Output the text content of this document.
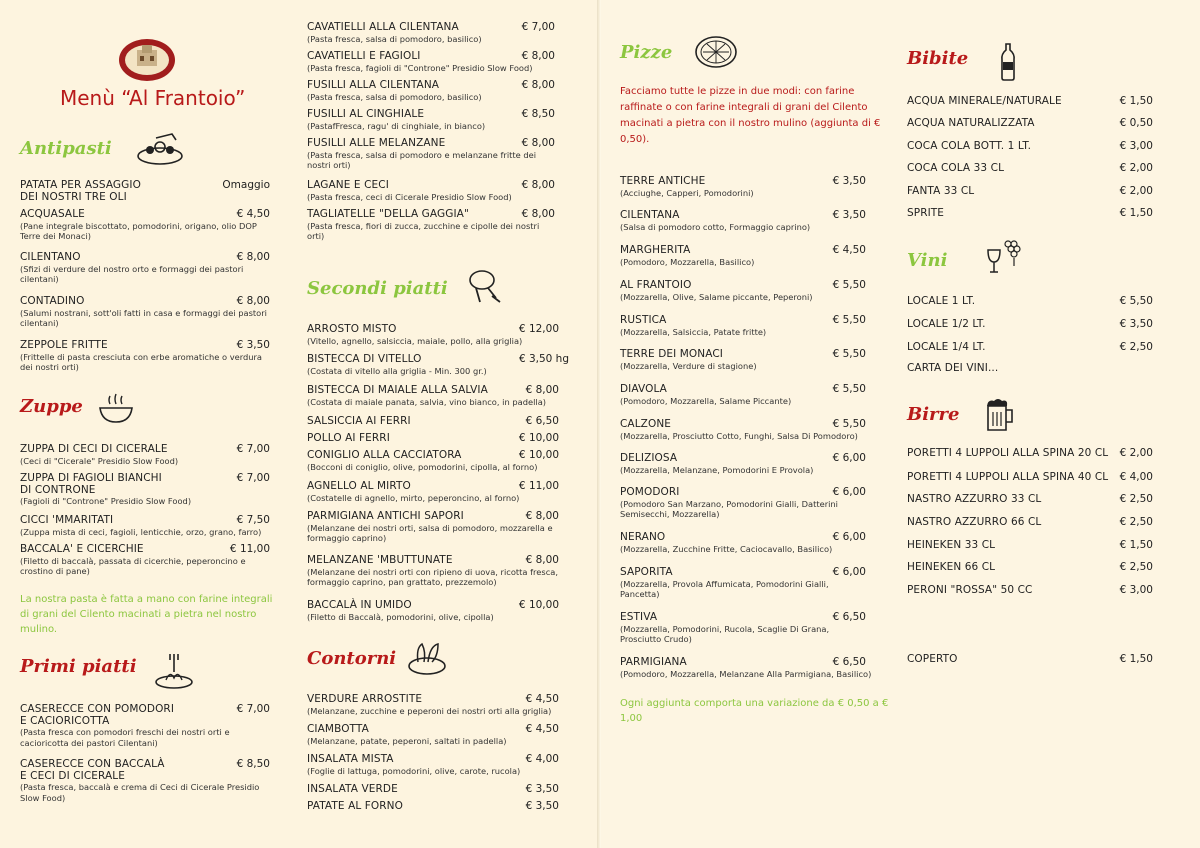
Menù “Al Frantoio”
Antipasti
PATATA PER ASSAGGIO
DEI NOSTRI TRE OLI
Omaggio
ACQUASALE	€ 4,50
(Pane integrale biscottato, pomodorini, origano, olio DOP Terre dei Monaci)
CILENTANO	€ 8,00
(Sfizi di verdure del nostro orto e formaggi dei pastori cilentani)
CONTADINO	€ 8,00
(Salumi nostrani, sott'oli fatti in casa e formaggi dei pastori cilentani)
ZEPPOLE FRITTE	€ 3,50
(Frittelle di pasta cresciuta con erbe aromatiche o verdura dei nostri orti)
Zuppe
ZUPPA DI CECI DI CICERALE	€ 7,00
(Ceci di "Cicerale" Presidio Slow Food)
ZUPPA DI FAGIOLI BIANCHI
DI CONTRONE
€ 7,00
(Fagioli di "Controne" Presidio Slow Food)
CICCI 'MMARITATI	€ 7,50
(Zuppa mista di ceci, fagioli, lenticchie, orzo, grano, farro)
BACCALA' E CICERCHIE	€ 11,00
(Filetto di baccalà, passata di cicerchie, peperoncino e crostino di pane)
La nostra pasta è fatta a mano con farine integrali di grani del Cilento macinati a pietra nel nostro mulino.
Primi piatti
CASERECCE CON POMODORI
E CACIORICOTTA
€ 7,00
(Pasta fresca con pomodori freschi dei nostri orti e cacioricotta dei pastori Cilentani)
CASERECCE CON BACCALÀ
E CECI DI CICERALE
€ 8,50
(Pasta fresca, baccalà e crema di Ceci di Cicerale Presidio Slow Food)
CAVATIELLI ALLA CILENTANA	€ 7,00
(Pasta fresca, salsa di pomodoro, basilico)
CAVATIELLI E FAGIOLI	€ 8,00
(Pasta fresca, fagioli di "Controne" Presidio Slow Food)
FUSILLI ALLA CILENTANA	€ 8,00
(Pasta fresca, salsa di pomodoro, basilico)
FUSILLI AL CINGHIALE	€ 8,50
(PastafFresca, ragu' di cinghiale, in bianco)
FUSILLI ALLE MELANZANE	€ 8,00
(Pasta fresca, salsa di pomodoro e melanzane fritte dei nostri orti)
LAGANE E CECI	€ 8,00
(Pasta fresca, ceci di Cicerale Presidio Slow Food)
TAGLIATELLE "DELLA GAGGIA"	€ 8,00
(Pasta fresca, fiori di zucca, zucchine e cipolle dei nostri orti)
Secondi piatti
ARROSTO MISTO	€ 12,00
(Vitello, agnello, salsiccia, maiale, pollo, alla griglia)
BISTECCA DI VITELLO	€ 3,50 hg
(Costata di vitello alla griglia - Min. 300 gr.)
BISTECCA DI MAIALE ALLA SALVIA	€ 8,00
(Costata di maiale panata, salvia, vino bianco, in padella)
SALSICCIA AI FERRI	€ 6,50
POLLO AI FERRI	€ 10,00
CONIGLIO ALLA CACCIATORA	€ 10,00
(Bocconi di coniglio, olive, pomodorini, cipolla, al forno)
AGNELLO AL MIRTO	€ 11,00
(Costatelle di agnello, mirto, peperoncino, al forno)
PARMIGIANA ANTICHI SAPORI	€ 8,00
(Melanzane dei nostri orti, salsa di pomodoro, mozzarella e formaggio caprino)
MELANZANE 'MBUTTUNATE	€ 8,00
(Melanzane dei nostri orti con ripieno di uova, ricotta fresca, formaggio caprino, pan grattato, prezzemolo)
BACCALÀ IN UMIDO	€ 10,00
(Filetto di Baccalà, pomodorini, olive, cipolla)
Contorni
VERDURE ARROSTITE	€ 4,50
(Melanzane, zucchine e peperoni dei nostri orti alla griglia)
CIAMBOTTA	€ 4,50
(Melanzane, patate, peperoni, saltati in padella)
INSALATA MISTA	€ 4,00
(Foglie di lattuga, pomodorini, olive, carote, rucola)
INSALATA VERDE	€ 3,50
PATATE AL FORNO	€ 3,50
Pizze
Facciamo tutte le pizze in due modi: con farine raffinate o con farine integrali di grani del Cilento macinati a pietra con il nostro mulino (aggiunta di € 0,50).
TERRE ANTICHE	€ 3,50
(Acciughe, Capperi, Pomodorini)
CILENTANA	€ 3,50
(Salsa di pomodoro cotto, Formaggio caprino)
MARGHERITA	€ 4,50
(Pomodoro, Mozzarella, Basilico)
AL FRANTOIO	€ 5,50
(Mozzarella, Olive, Salame piccante, Peperoni)
RUSTICA	€ 5,50
(Mozzarella, Salsiccia, Patate fritte)
TERRE DEI MONACI	€ 5,50
(Mozzarella, Verdure di stagione)
DIAVOLA	€ 5,50
(Pomodoro, Mozzarella, Salame Piccante)
CALZONE	€ 5,50
(Mozzarella, Prosciutto Cotto, Funghi, Salsa Di Pomodoro)
DELIZIOSA	€ 6,00
(Mozzarella, Melanzane, Pomodorini E Provola)
POMODORI	€ 6,00
(Pomodoro San Marzano, Pomodorini Gialli, Datterini Semisecchi, Mozzarella)
NERANO	€ 6,00
(Mozzarella, Zucchine Fritte, Caciocavallo, Basilico)
SAPORITA	€ 6,00
(Mozzarella, Provola Affumicata, Pomodorini Gialli, Pancetta)
ESTIVA	€ 6,50
(Mozzarella, Pomodorini, Rucola, Scaglie Di Grana, Prosciutto Crudo)
PARMIGIANA	€ 6,50
(Pomodoro, Mozzarella, Melanzane Alla Parmigiana, Basilico)
Ogni aggiunta comporta una variazione da € 0,50 a € 1,00
Bibite
ACQUA MINERALE/NATURALE	€ 1,50
ACQUA NATURALIZZATA	€ 0,50
COCA COLA BOTT. 1 LT.	€ 3,00
COCA COLA 33 CL	€ 2,00
FANTA 33 CL	€ 2,00
SPRITE	€ 1,50
Vini
LOCALE 1 LT.	€ 5,50
LOCALE 1/2 LT.	€ 3,50
LOCALE 1/4 LT.	€ 2,50
CARTA DEI VINI...
Birre
PORETTI 4 LUPPOLI ALLA SPINA 20 CL	€ 2,00
PORETTI 4 LUPPOLI ALLA SPINA 40 CL	€ 4,00
NASTRO AZZURRO 33 CL	€ 2,50
NASTRO AZZURRO 66 CL	€ 2,50
HEINEKEN 33 CL	€ 1,50
HEINEKEN 66 CL	€ 2,50
PERONI "ROSSA" 50 CC	€ 3,00
COPERTO	€ 1,50
